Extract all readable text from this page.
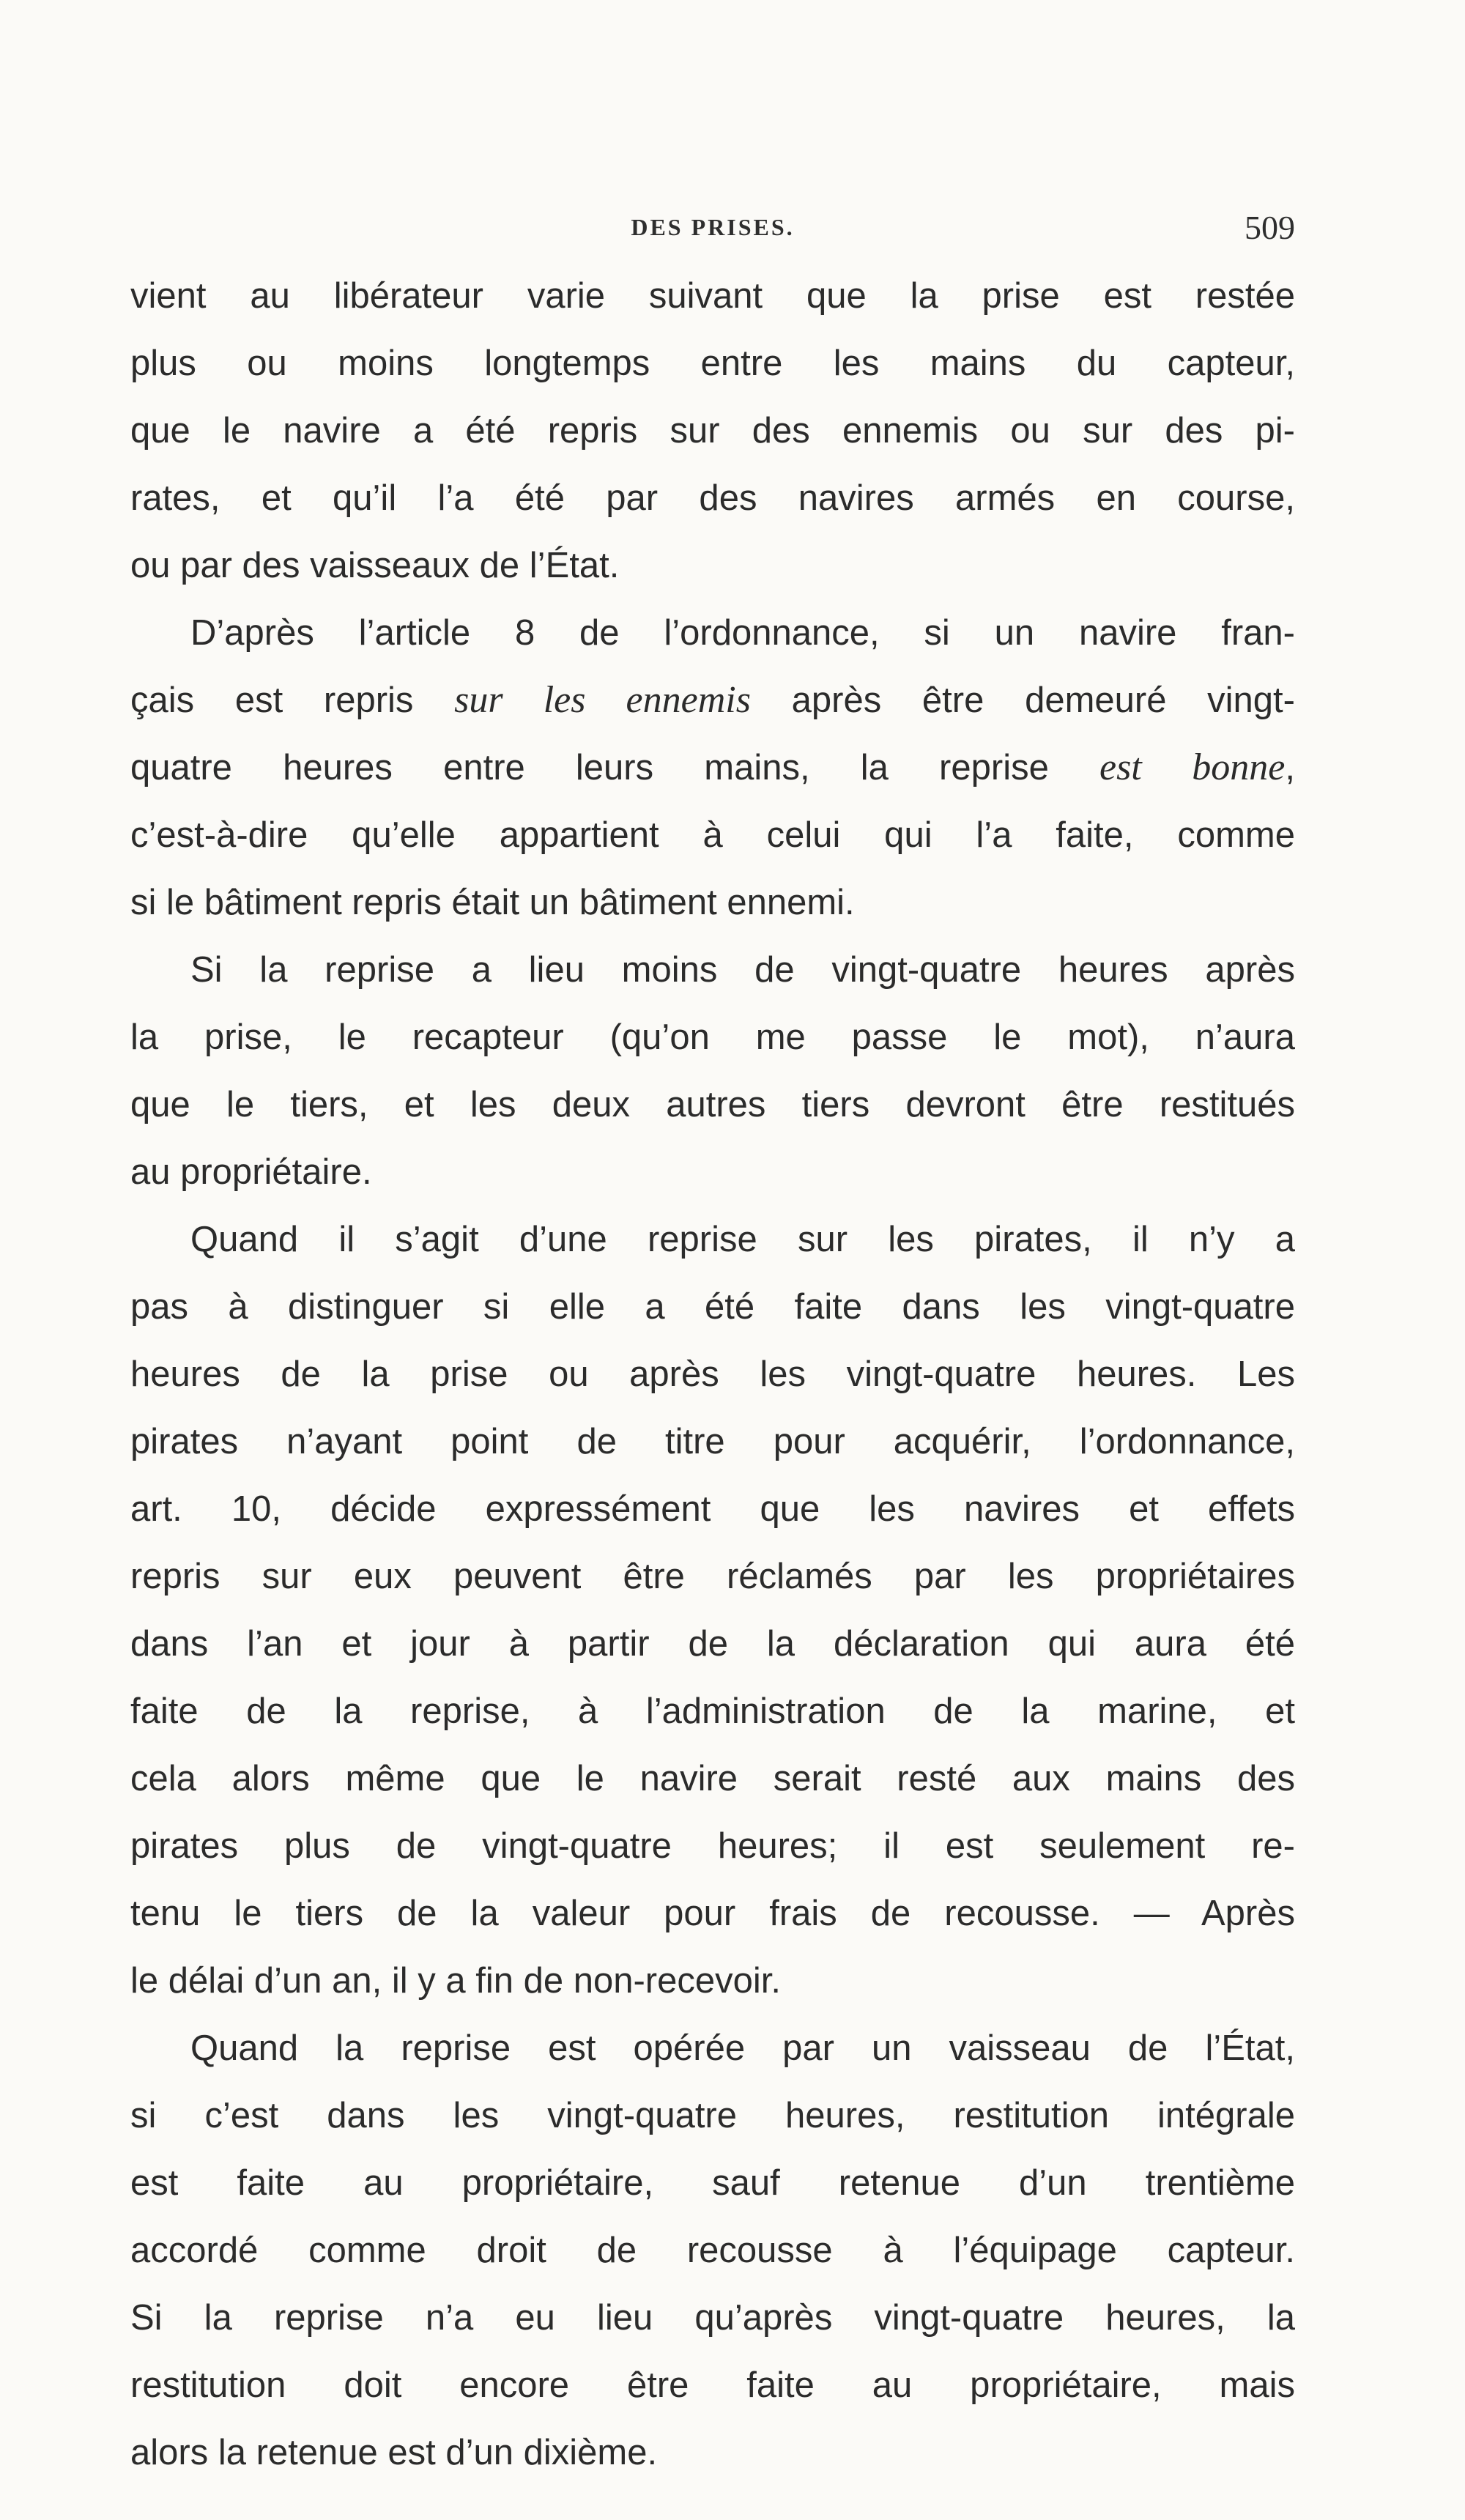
DES PRISES.	509
vient au libérateur varie suivant que la prise est restée
plus ou moins longtemps entre les mains du capteur,
que le navire a été repris sur des ennemis ou sur des pi-
rates, et qu’il l’a été par des navires armés en course,
ou par des vaisseaux de l’État.
D’après l’article 8 de l’ordonnance, si un navire fran-
çais est repris sur les ennemis après être demeuré vingt-
quatre heures entre leurs mains, la reprise est bonne,
c’est-à-dire qu’elle appartient à celui qui l’a faite, comme
si le bâtiment repris était un bâtiment ennemi.
Si la reprise a lieu moins de vingt-quatre heures après
la prise, le recapteur (qu’on me passe le mot), n’aura
que le tiers, et les deux autres tiers devront être restitués
au propriétaire.
Quand il s’agit d’une reprise sur les pirates, il n’y a
pas à distinguer si elle a été faite dans les vingt-quatre
heures de la prise ou après les vingt-quatre heures. Les
pirates n’ayant point de titre pour acquérir, l’ordonnance,
art. 10, décide expressément que les navires et effets
repris sur eux peuvent être réclamés par les propriétaires
dans l’an et jour à partir de la déclaration qui aura été
faite de la reprise, à l’administration de la marine, et
cela alors même que le navire serait resté aux mains des
pirates plus de vingt-quatre heures; il est seulement re-
tenu le tiers de la valeur pour frais de recousse. — Après
le délai d’un an, il y a fin de non-recevoir.
Quand la reprise est opérée par un vaisseau de l’État,
si c’est dans les vingt-quatre heures, restitution intégrale
est faite au propriétaire, sauf retenue d’un trentième
accordé comme droit de recousse à l’équipage capteur.
Si la reprise n’a eu lieu qu’après vingt-quatre heures, la
restitution doit encore être faite au propriétaire, mais
alors la retenue est d’un dixième.
